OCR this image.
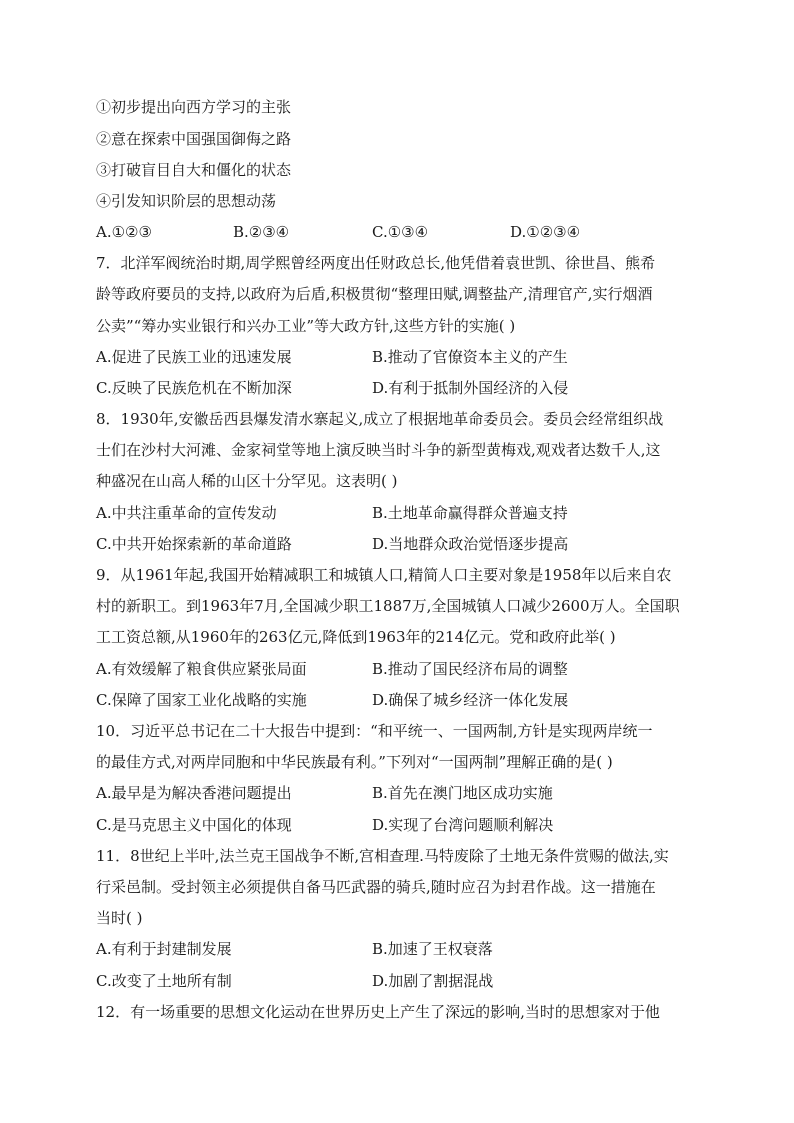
①初步提出向西方学习的主张
②意在探索中国强国御侮之路
③打破盲目自大和僵化的状态
④引发知识阶层的思想动荡
A.①②③	B.②③④	C.①③④	D.①②③④
7．北洋军阀统治时期,周学熙曾经两度出任财政总长,他凭借着袁世凯、徐世昌、熊希
龄等政府要员的支持,以政府为后盾,积极贯彻“整理田赋,调整盐产,清理官产,实行烟酒
公卖”“筹办实业银行和兴办工业”等大政方针,这些方针的实施( )
A.促进了民族工业的迅速发展	B.推动了官僚资本主义的产生
C.反映了民族危机在不断加深	D.有利于抵制外国经济的入侵
8．1930年,安徽岳西县爆发清水寨起义,成立了根据地革命委员会。委员会经常组织战
士们在沙村大河滩、金家祠堂等地上演反映当时斗争的新型黄梅戏,观戏者达数千人,这
种盛况在山高人稀的山区十分罕见。这表明( )
A.中共注重革命的宣传发动	B.土地革命赢得群众普遍支持
C.中共开始探索新的革命道路	D.当地群众政治觉悟逐步提高
9．从1961年起,我国开始精减职工和城镇人口,精简人口主要对象是1958年以后来自农
村的新职工。到1963年7月,全国减少职工1887万,全国城镇人口减少2600万人。全国职
工工资总额,从1960年的263亿元,降低到1963年的214亿元。党和政府此举( )
A.有效缓解了粮食供应紧张局面	B.推动了国民经济布局的调整
C.保障了国家工业化战略的实施	D.确保了城乡经济一体化发展
10．习近平总书记在二十大报告中提到：“和平统一、一国两制,方针是实现两岸统一
的最佳方式,对两岸同胞和中华民族最有利。”下列对“一国两制”理解正确的是( )
A.最早是为解决香港问题提出	B.首先在澳门地区成功实施
C.是马克思主义中国化的体现	D.实现了台湾问题顺利解决
11．8世纪上半叶,法兰克王国战争不断,宫相查理.马特废除了土地无条件赏赐的做法,实
行采邑制。受封领主必须提供自备马匹武器的骑兵,随时应召为封君作战。这一措施在
当时( )
A.有利于封建制发展	B.加速了王权衰落
C.改变了土地所有制	D.加剧了割据混战
12．有一场重要的思想文化运动在世界历史上产生了深远的影响,当时的思想家对于他
